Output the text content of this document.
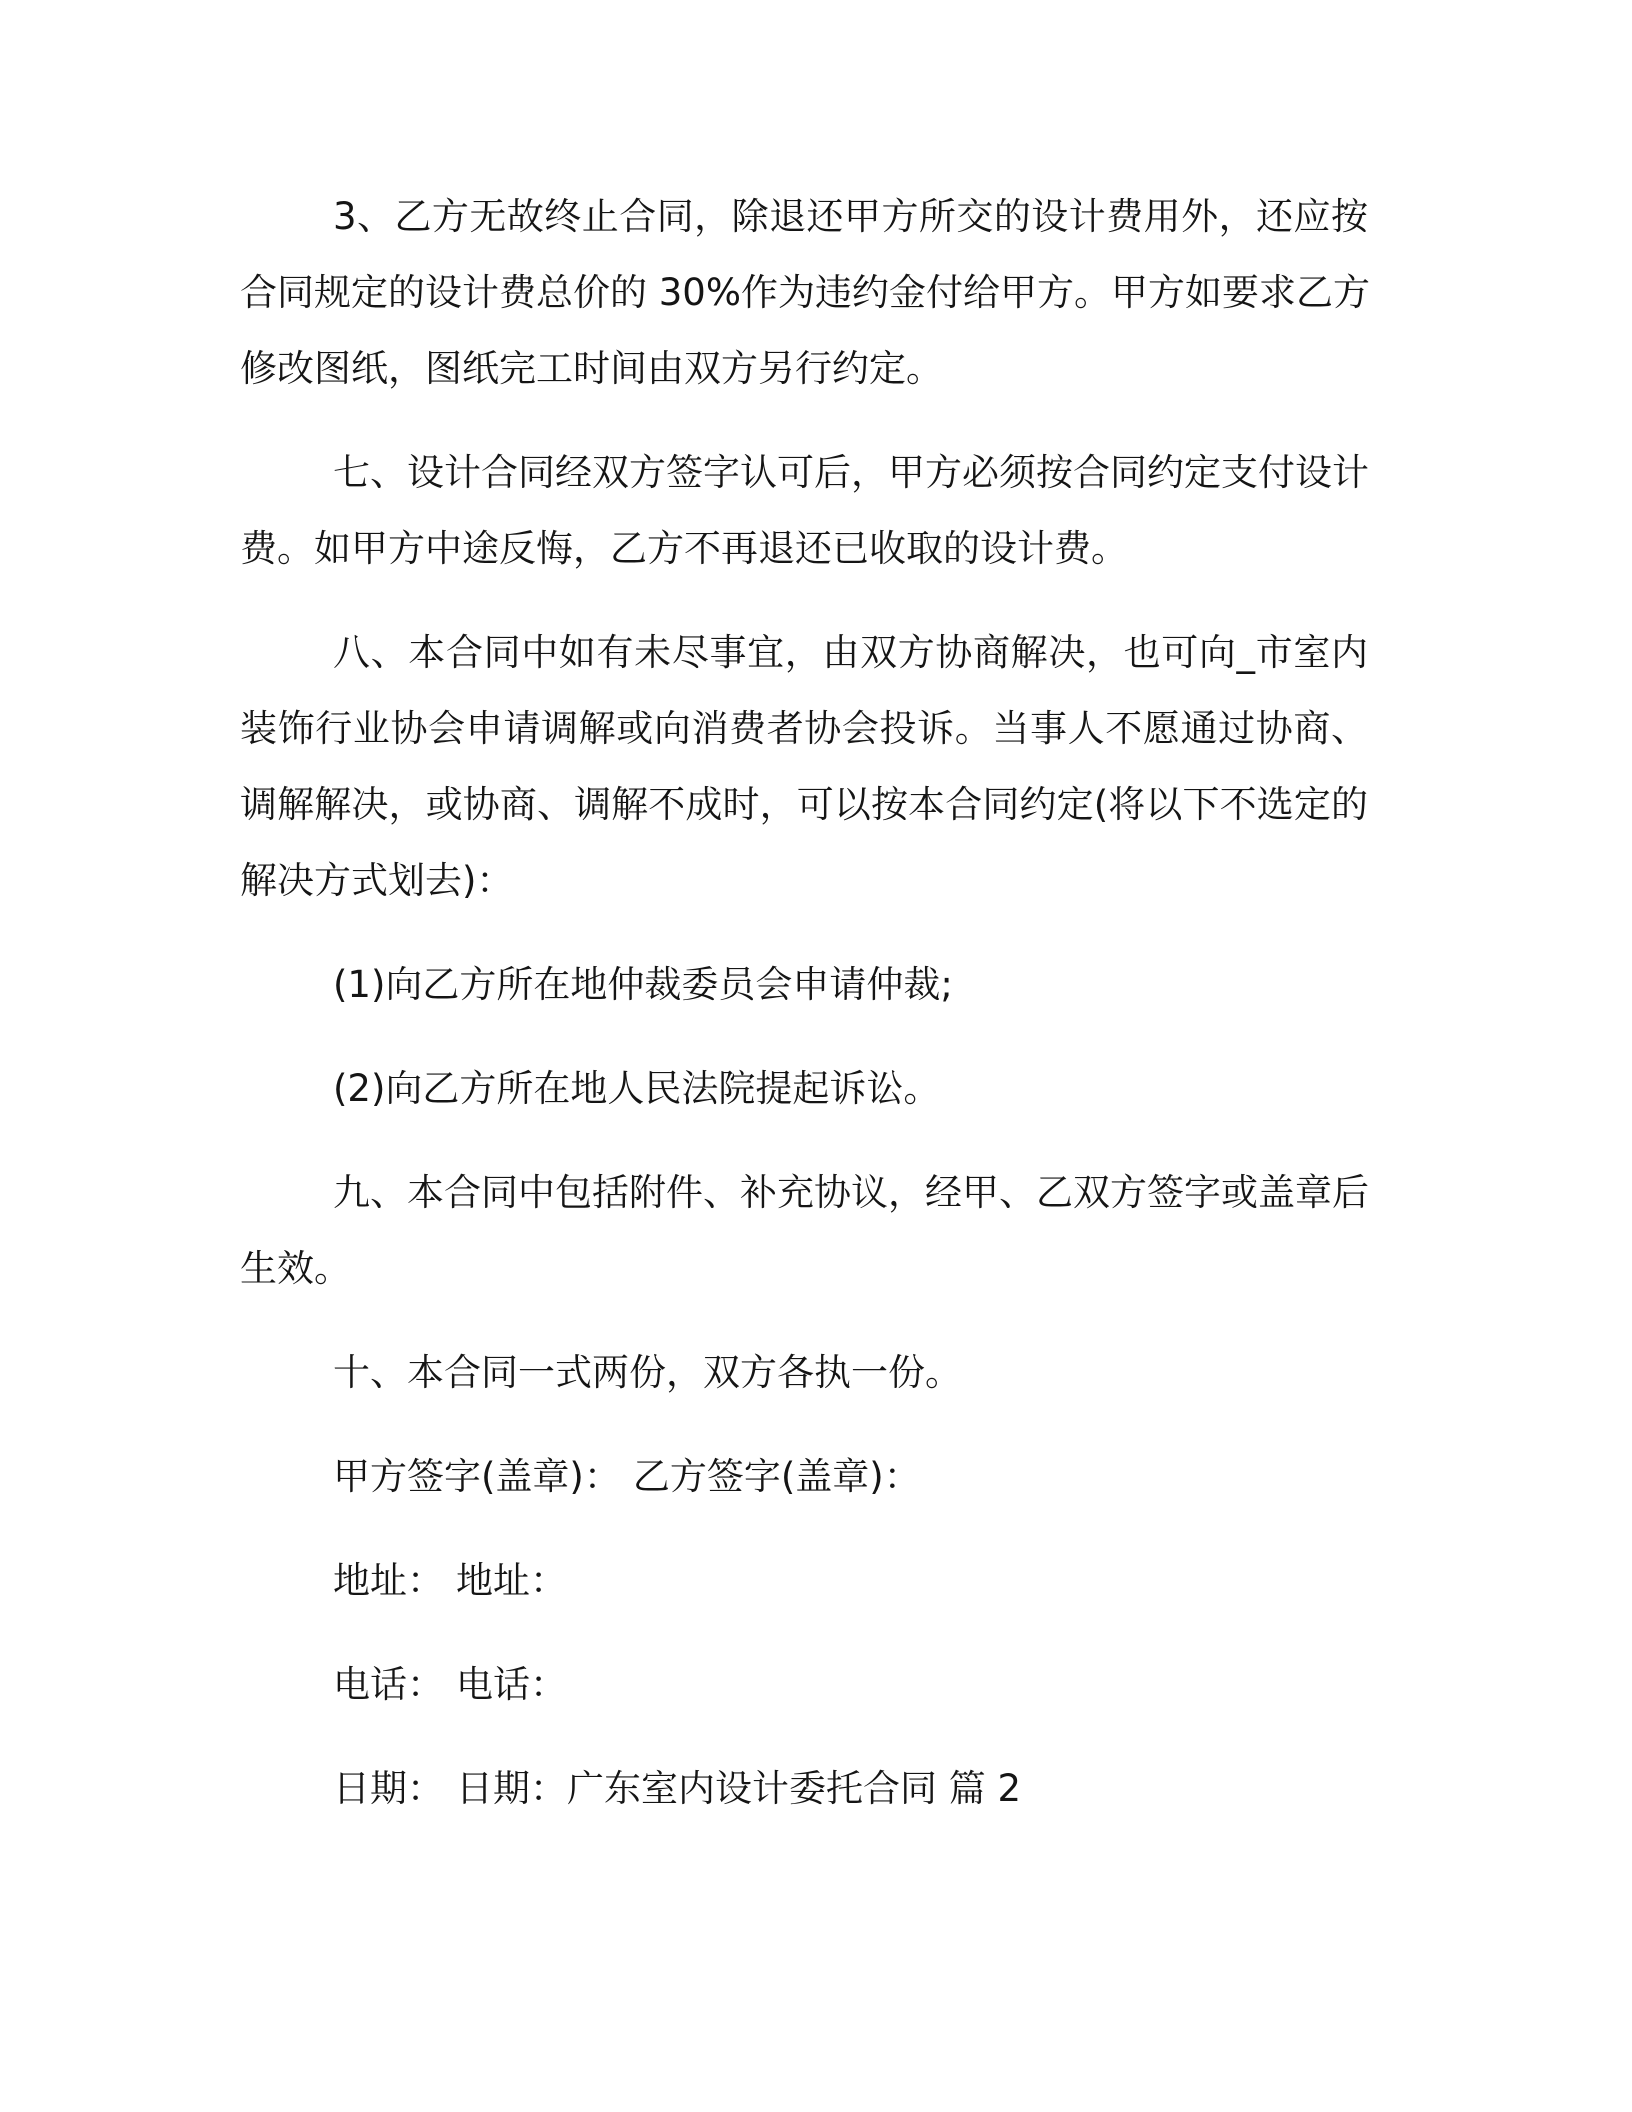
3、乙方无故终止合同，除退还甲方所交的设计费用外，还应按
合同规定的设计费总价的 30%作为违约金付给甲方。甲方如要求乙方
修改图纸，图纸完工时间由双方另行约定。
七、设计合同经双方签字认可后，甲方必须按合同约定支付设计
费。如甲方中途反悔，乙方不再退还已收取的设计费。
八、本合同中如有未尽事宜，由双方协商解决，也可向_市室内
装饰行业协会申请调解或向消费者协会投诉。当事人不愿通过协商、
调解解决，或协商、调解不成时，可以按本合同约定(将以下不选定的
解决方式划去)：
(1)向乙方所在地仲裁委员会申请仲裁;
(2)向乙方所在地人民法院提起诉讼。
九、本合同中包括附件、补充协议，经甲、乙双方签字或盖章后
生效。
十、本合同一式两份，双方各执一份。
甲方签字(盖章)： 乙方签字(盖章)：
地址： 地址：
电话： 电话：
日期： 日期：广东室内设计委托合同 篇 2
